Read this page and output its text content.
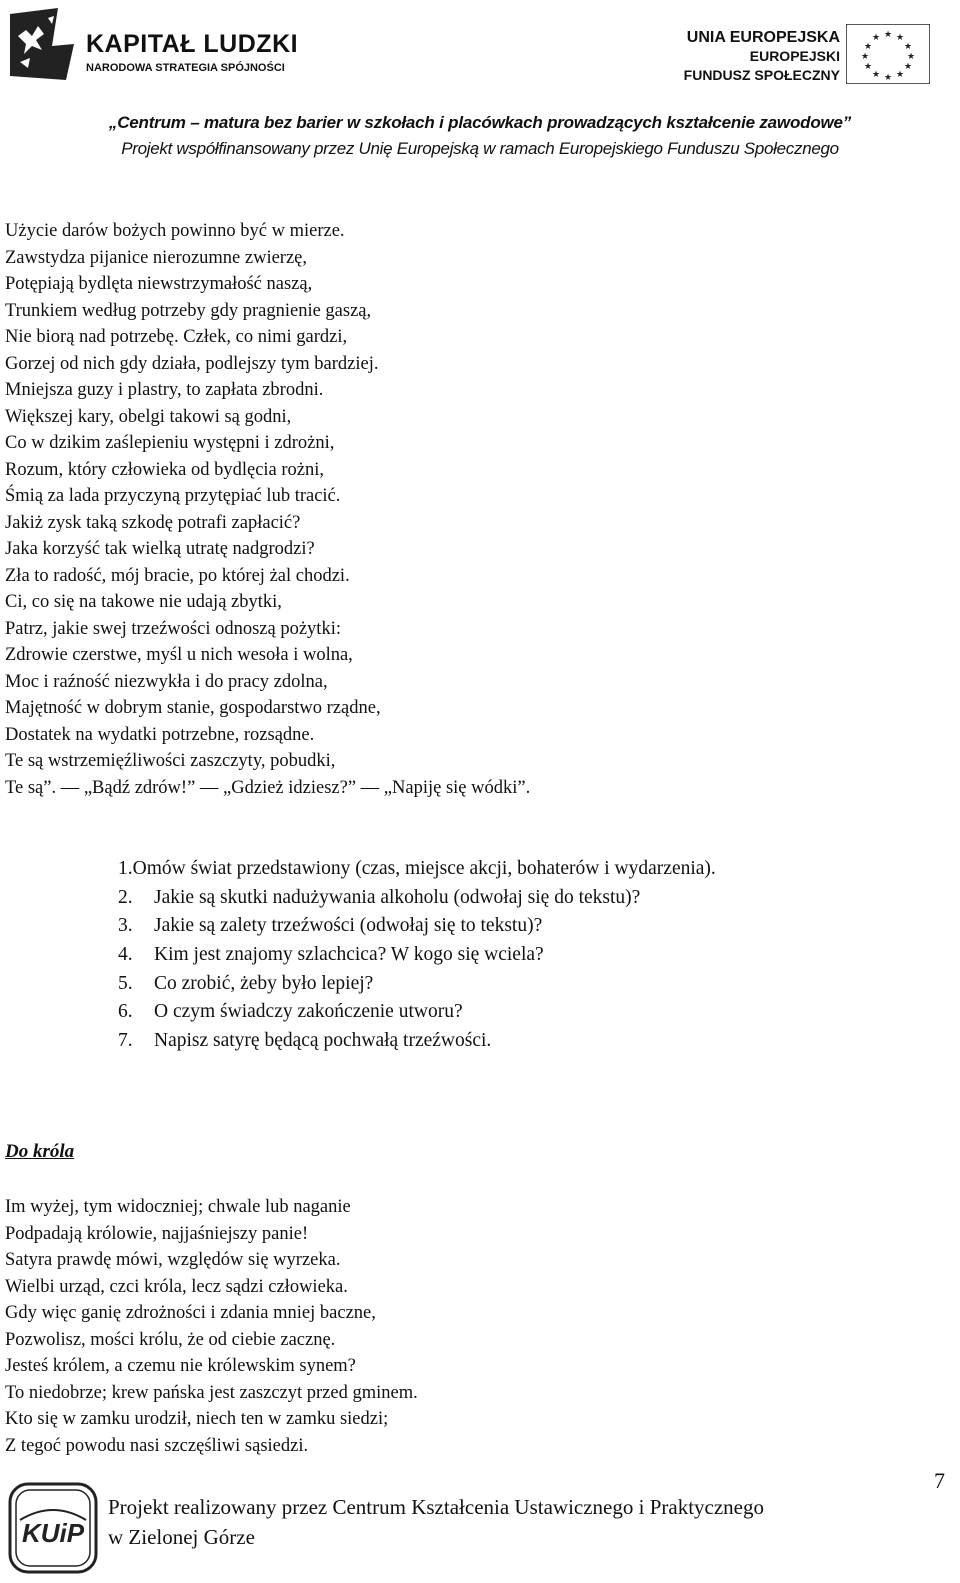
KAPITAŁ LUDZKI
NARODOWA STRATEGIA SPÓJNOŚCI
UNIA EUROPEJSKA
EUROPEJSKI
FUNDUSZ SPOŁECZNY
★ ★
★
★
★
★
★
★
★
★
★
★
„Centrum – matura bez barier w szkołach i placówkach prowadzących kształcenie zawodowe”
Projekt współfinansowany przez Unię Europejską w ramach Europejskiego Funduszu Społecznego
Użycie darów bożych powinno być w mierze.
Zawstydza pijanice nierozumne zwierzę,
Potępiają bydlęta niewstrzymałość naszą,
Trunkiem według potrzeby gdy pragnienie gaszą,
Nie biorą nad potrzebę. Człek, co nimi gardzi,
Gorzej od nich gdy działa, podlejszy tym bardziej.
Mniejsza guzy i plastry, to zapłata zbrodni.
Większej kary, obelgi takowi są godni,
Co w dzikim zaślepieniu występni i zdrożni,
Rozum, który człowieka od bydlęcia rożni,
Śmią za lada przyczyną przytępiać lub tracić.
Jakiż zysk taką szkodę potrafi zapłacić?
Jaka korzyść tak wielką utratę nadgrodzi?
Zła to radość, mój bracie, po której żal chodzi.
Ci, co się na takowe nie udają zbytki,
Patrz, jakie swej trzeźwości odnoszą pożytki:
Zdrowie czerstwe, myśl u nich wesoła i wolna,
Moc i raźność niezwykła i do pracy zdolna,
Majętność w dobrym stanie, gospodarstwo rządne,
Dostatek na wydatki potrzebne, rozsądne.
Te są wstrzemięźliwości zaszczyty, pobudki,
Te są”. ― „Bądź zdrów!” ― „Gdzież idziesz?” ― „Napiję się wódki”.
1.Omów świat przedstawiony (czas, miejsce akcji, bohaterów i wydarzenia).
2. Jakie są skutki nadużywania alkoholu (odwołaj się do tekstu)?
3. Jakie są zalety trzeźwości (odwołaj się to tekstu)?
4. Kim jest znajomy szlachcica? W kogo się wciela?
5. Co zrobić, żeby było lepiej?
6. O czym świadczy zakończenie utworu?
7. Napisz satyrę będącą pochwałą trzeźwości.
Do króla
Im wyżej, tym widoczniej; chwale lub naganie
Podpadają królowie, najjaśniejszy panie!
Satyra prawdę mówi, względów się wyrzeka.
Wielbi urząd, czci króla, lecz sądzi człowieka.
Gdy więc ganię zdrożności i zdania mniej baczne,
Pozwolisz, mości królu, że od ciebie zacznę.
Jesteś królem, a czemu nie królewskim synem?
To niedobrze; krew pańska jest zaszczyt przed gminem.
Kto się w zamku urodził, niech ten w zamku siedzi;
Z tegoć powodu nasi szczęśliwi sąsiedzi.
7
KUiP
Projekt realizowany przez Centrum Kształcenia Ustawicznego i Praktycznego
w Zielonej Górze
